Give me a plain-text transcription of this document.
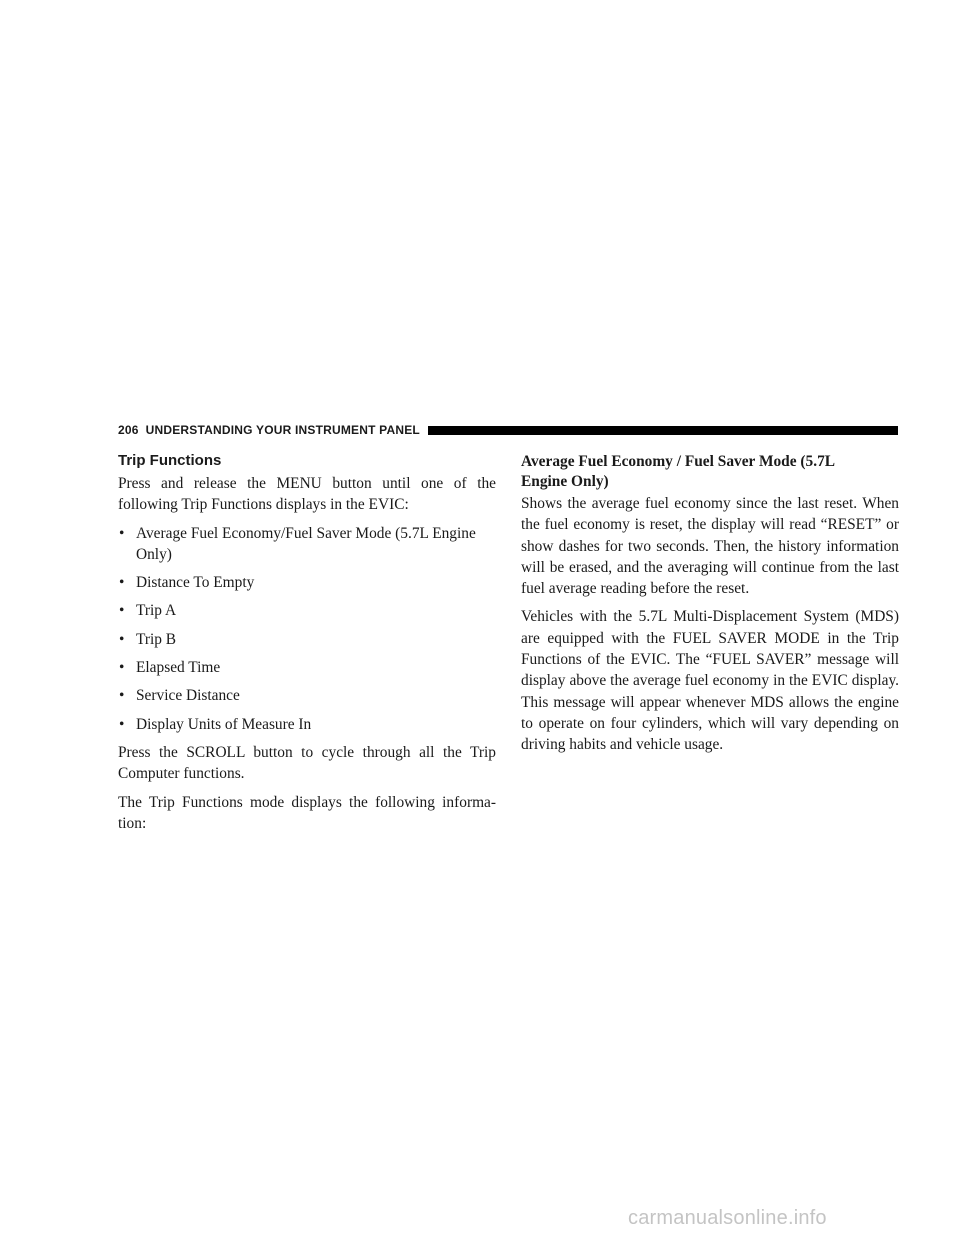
206 UNDERSTANDING YOUR INSTRUMENT PANEL
Trip Functions

Press and release the MENU button until one of the following Trip Functions displays in the EVIC:

• Average Fuel Economy/Fuel Saver Mode (5.7L Engine Only)
• Distance To Empty
• Trip A
• Trip B
• Elapsed Time
• Service Distance
• Display Units of Measure In

Press the SCROLL button to cycle through all the Trip Computer functions.

The Trip Functions mode displays the following informa-tion:

Average Fuel Economy / Fuel Saver Mode (5.7L
Engine Only)

Shows the average fuel economy since the last reset. When the fuel economy is reset, the display will read “RESET” or show dashes for two seconds. Then, the history information will be erased, and the averaging will continue from the last fuel average reading before the reset.

Vehicles with the 5.7L Multi-Displacement System (MDS) are equipped with the FUEL SAVER MODE in the Trip Functions of the EVIC. The “FUEL SAVER” message will display above the average fuel economy in the EVIC display. This message will appear whenever MDS allows the engine to operate on four cylinders, which will vary depending on driving habits and vehicle usage.

carmanualsonline.info
